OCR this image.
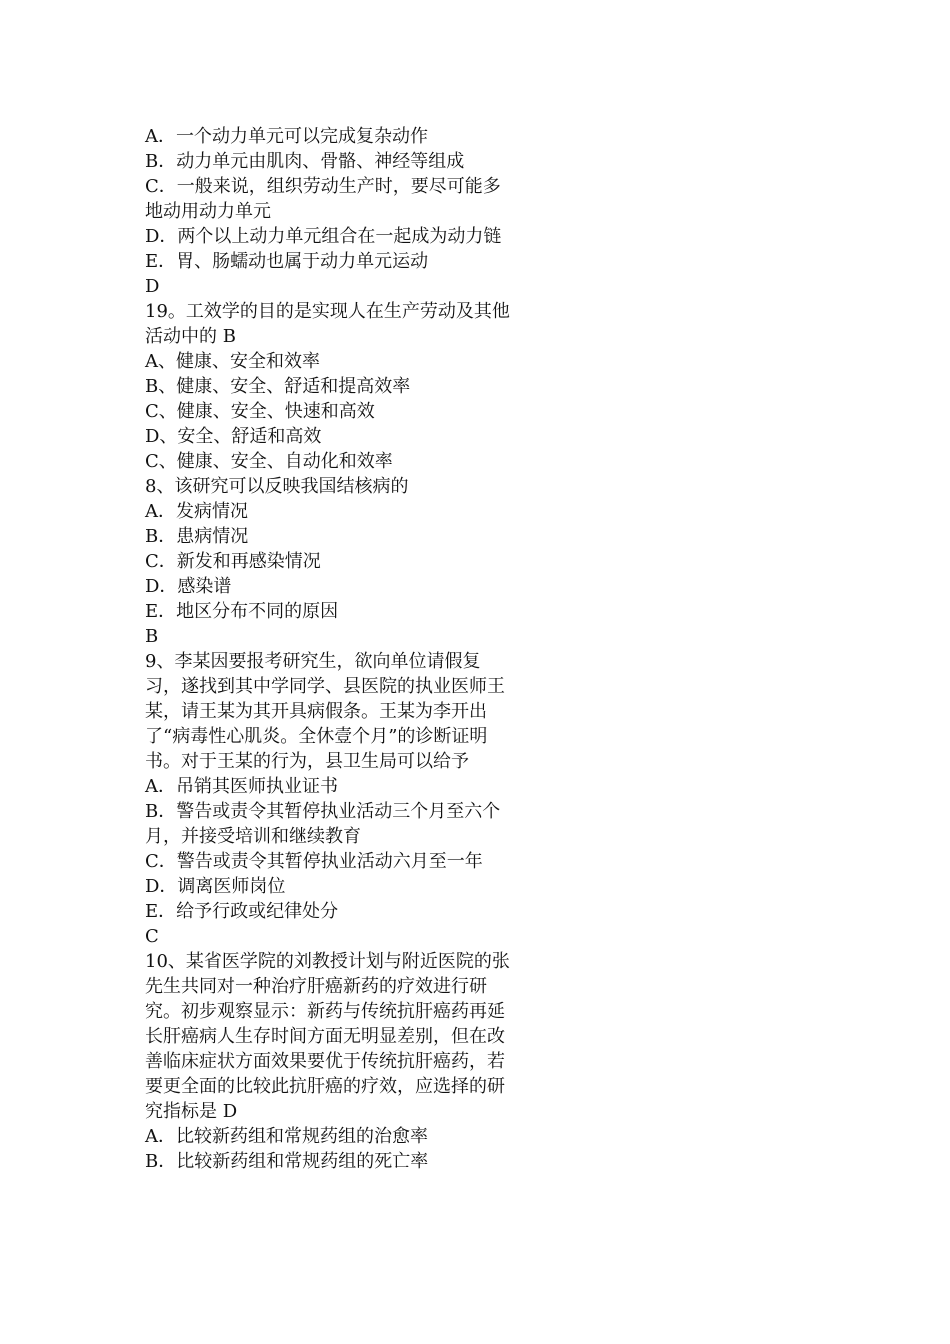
A．一个动力单元可以完成复杂动作
B．动力单元由肌肉、骨骼、神经等组成
C．一般来说，组织劳动生产时，要尽可能多地动用动力单元
D．两个以上动力单元组合在一起成为动力链
E．胃、肠蠕动也属于动力单元运动
D
19。工效学的目的是实现人在生产劳动及其他活动中的 B
A、健康、安全和效率
B、健康、安全、舒适和提高效率
C、健康、安全、快速和高效
D、安全、舒适和高效
C、健康、安全、自动化和效率
8、该研究可以反映我国结核病的
A．发病情况
B．患病情况
C．新发和再感染情况
D．感染谱
E．地区分布不同的原因
B
9、李某因要报考研究生，欲向单位请假复习，遂找到其中学同学、县医院的执业医师王某，请王某为其开具病假条。王某为李开出了“病毒性心肌炎。全休壹个月”的诊断证明书。对于王某的行为，县卫生局可以给予
A．吊销其医师执业证书
B．警告或责令其暂停执业活动三个月至六个月，并接受培训和继续教育
C．警告或责令其暂停执业活动六月至一年
D．调离医师岗位
E．给予行政或纪律处分
C
10、某省医学院的刘教授计划与附近医院的张先生共同对一种治疗肝癌新药的疗效进行研究。初步观察显示：新药与传统抗肝癌药再延长肝癌病人生存时间方面无明显差别，但在改善临床症状方面效果要优于传统抗肝癌药，若要更全面的比较此抗肝癌的疗效，应选择的研究指标是 D
A．比较新药组和常规药组的治愈率
B．比较新药组和常规药组的死亡率
